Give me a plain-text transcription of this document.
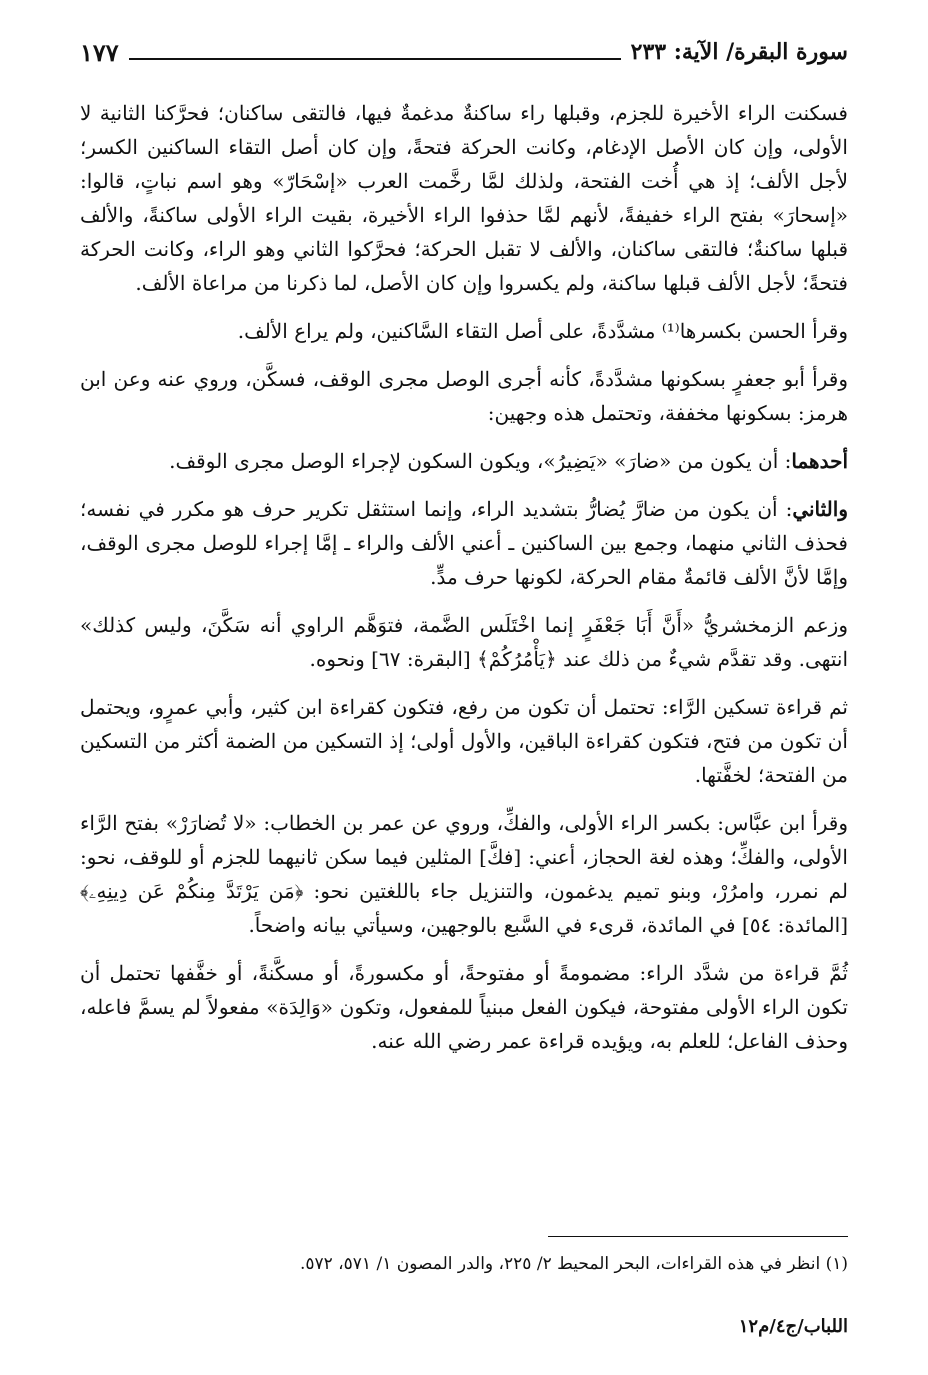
سورة البقرة/ الآية: ٢٣٣
١٧٧

فسكنت الراء الأخيرة للجزم، وقبلها راء ساكنةٌ مدغمةٌ فيها، فالتقى ساكنان؛ فحرَّكنا الثانية لا الأولى، وإن كان الأصل الإدغام، وكانت الحركة فتحةً، وإن كان أصل التقاء الساكنين الكسر؛ لأجل الألف؛ إذ هي أُخت الفتحة، ولذلك لمَّا رخَّمت العرب «إسْحَارّ» وهو اسم نباتٍ، قالوا: «إسحارَ» بفتح الراء خفيفةً، لأنهم لمَّا حذفوا الراء الأخيرة، بقيت الراء الأولى ساكنةً، والألف قبلها ساكنةٌ؛ فالتقى ساكنان، والألف لا تقبل الحركة؛ فحرَّكوا الثاني وهو الراء، وكانت الحركة فتحةً؛ لأجل الألف قبلها ساكنة، ولم يكسروا وإن كان الأصل، لما ذكرنا من مراعاة الألف.

وقرأ الحسن بكسرها⁽¹⁾ مشدَّدةً، على أصل التقاء السَّاكنين، ولم يراع الألف.

وقرأ أبو جعفرٍ بسكونها مشدَّدةً، كأنه أجرى الوصل مجرى الوقف، فسكَّن، وروي عنه وعن ابن هرمز: بسكونها مخففة، وتحتمل هذه وجهين:

أحدهما: أن يكون من «ضارَ» «يَضِيرُ»، ويكون السكون لإجراء الوصل مجرى الوقف.

والثاني: أن يكون من ضارَّ يُضارُّ بتشديد الراء، وإنما استثقل تكرير حرف هو مكرر في نفسه؛ فحذف الثاني منهما، وجمع بين الساكنين ـ أعني الألف والراء ـ إمَّا إجراء للوصل مجرى الوقف، وإمَّا لأنَّ الألف قائمةٌ مقام الحركة، لكونها حرف مدٍّ.

وزعم الزمخشريُّ «أَنَّ أَبَا جَعْفَرٍ إنما اخْتَلَس الضَّمة، فتوَهَّم الراوي أنه سَكَّنَ، وليس كذلك» انتهى. وقد تقدَّم شيءٌ من ذلك عند ﴿يَأْمُرُكُمْ﴾ [البقرة: ٦٧] ونحوه.

ثم قراءة تسكين الرَّاء: تحتمل أن تكون من رفع، فتكون كقراءة ابن كثير، وأبي عمرٍو، ويحتمل أن تكون من فتح، فتكون كقراءة الباقين، والأول أولى؛ إذ التسكين من الضمة أكثر من التسكين من الفتحة؛ لخفَّتها.

وقرأ ابن عبَّاس: بكسر الراء الأولى، والفكِّ، وروي عن عمر بن الخطاب: «لا تُضارَرْ» بفتح الرَّاء الأولى، والفكِّ؛ وهذه لغة الحجاز، أعني: [فكَّ] المثلين فيما سكن ثانيهما للجزم أو للوقف، نحو: لم نمرر، وامرُرْ، وبنو تميم يدغمون، والتنزيل جاء باللغتين نحو: ﴿مَن يَرْتَدَّ مِنكُمْ عَن دِينِهِۦ﴾ [المائدة: ٥٤] في المائدة، قرىء في السَّبع بالوجهين، وسيأتي بيانه واضحاً.

ثُمَّ قراءة من شدَّد الراء: مضمومةً أو مفتوحةً، أو مكسورةً، أو مسكَّنةً، أو خفَّفها تحتمل أن تكون الراء الأولى مفتوحة، فيكون الفعل مبنياً للمفعول، وتكون «وَالِدَة» مفعولاً لم يسمَّ فاعله، وحذف الفاعل؛ للعلم به، ويؤيده قراءة عمر رضي الله عنه.

(١) انظر في هذه القراءات، البحر المحيط ٢/ ٢٢٥، والدر المصون ١/ ٥٧١، ٥٧٢.
اللباب/ج٤/م١٢
